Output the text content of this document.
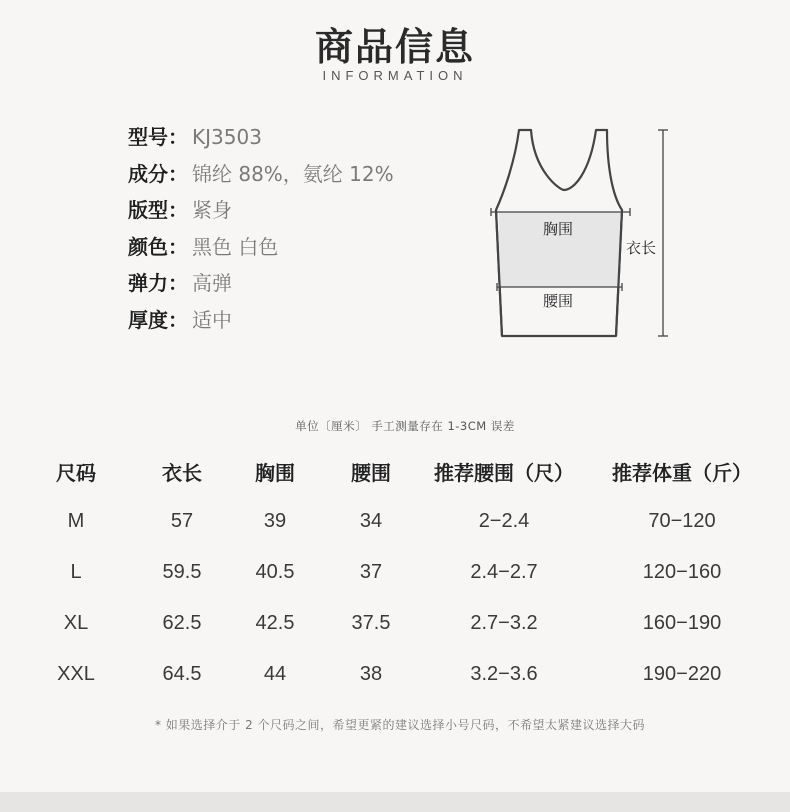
商品信息
INFORMATION
型号： KJ3503
成分： 锦纶 88%，氨纶 12%
版型： 紧身
颜色： 黑色 白色
弹力： 高弹
厚度： 适中
胸围
腰围
衣长
单位〔厘米〕 手工测量存在 1-3CM 误差
尺码	衣长	胸围	腰围	推荐腰围（尺）	推荐体重（斤）
M	57	39	34	2−2.4	70−120
L	59.5	40.5	37	2.4−2.7	120−160
XL	62.5	42.5	37.5	2.7−3.2	160−190
XXL	64.5	44	38	3.2−3.6	190−220
* 如果选择介于 2 个尺码之间，希望更紧的建议选择小号尺码，不希望太紧建议选择大码
